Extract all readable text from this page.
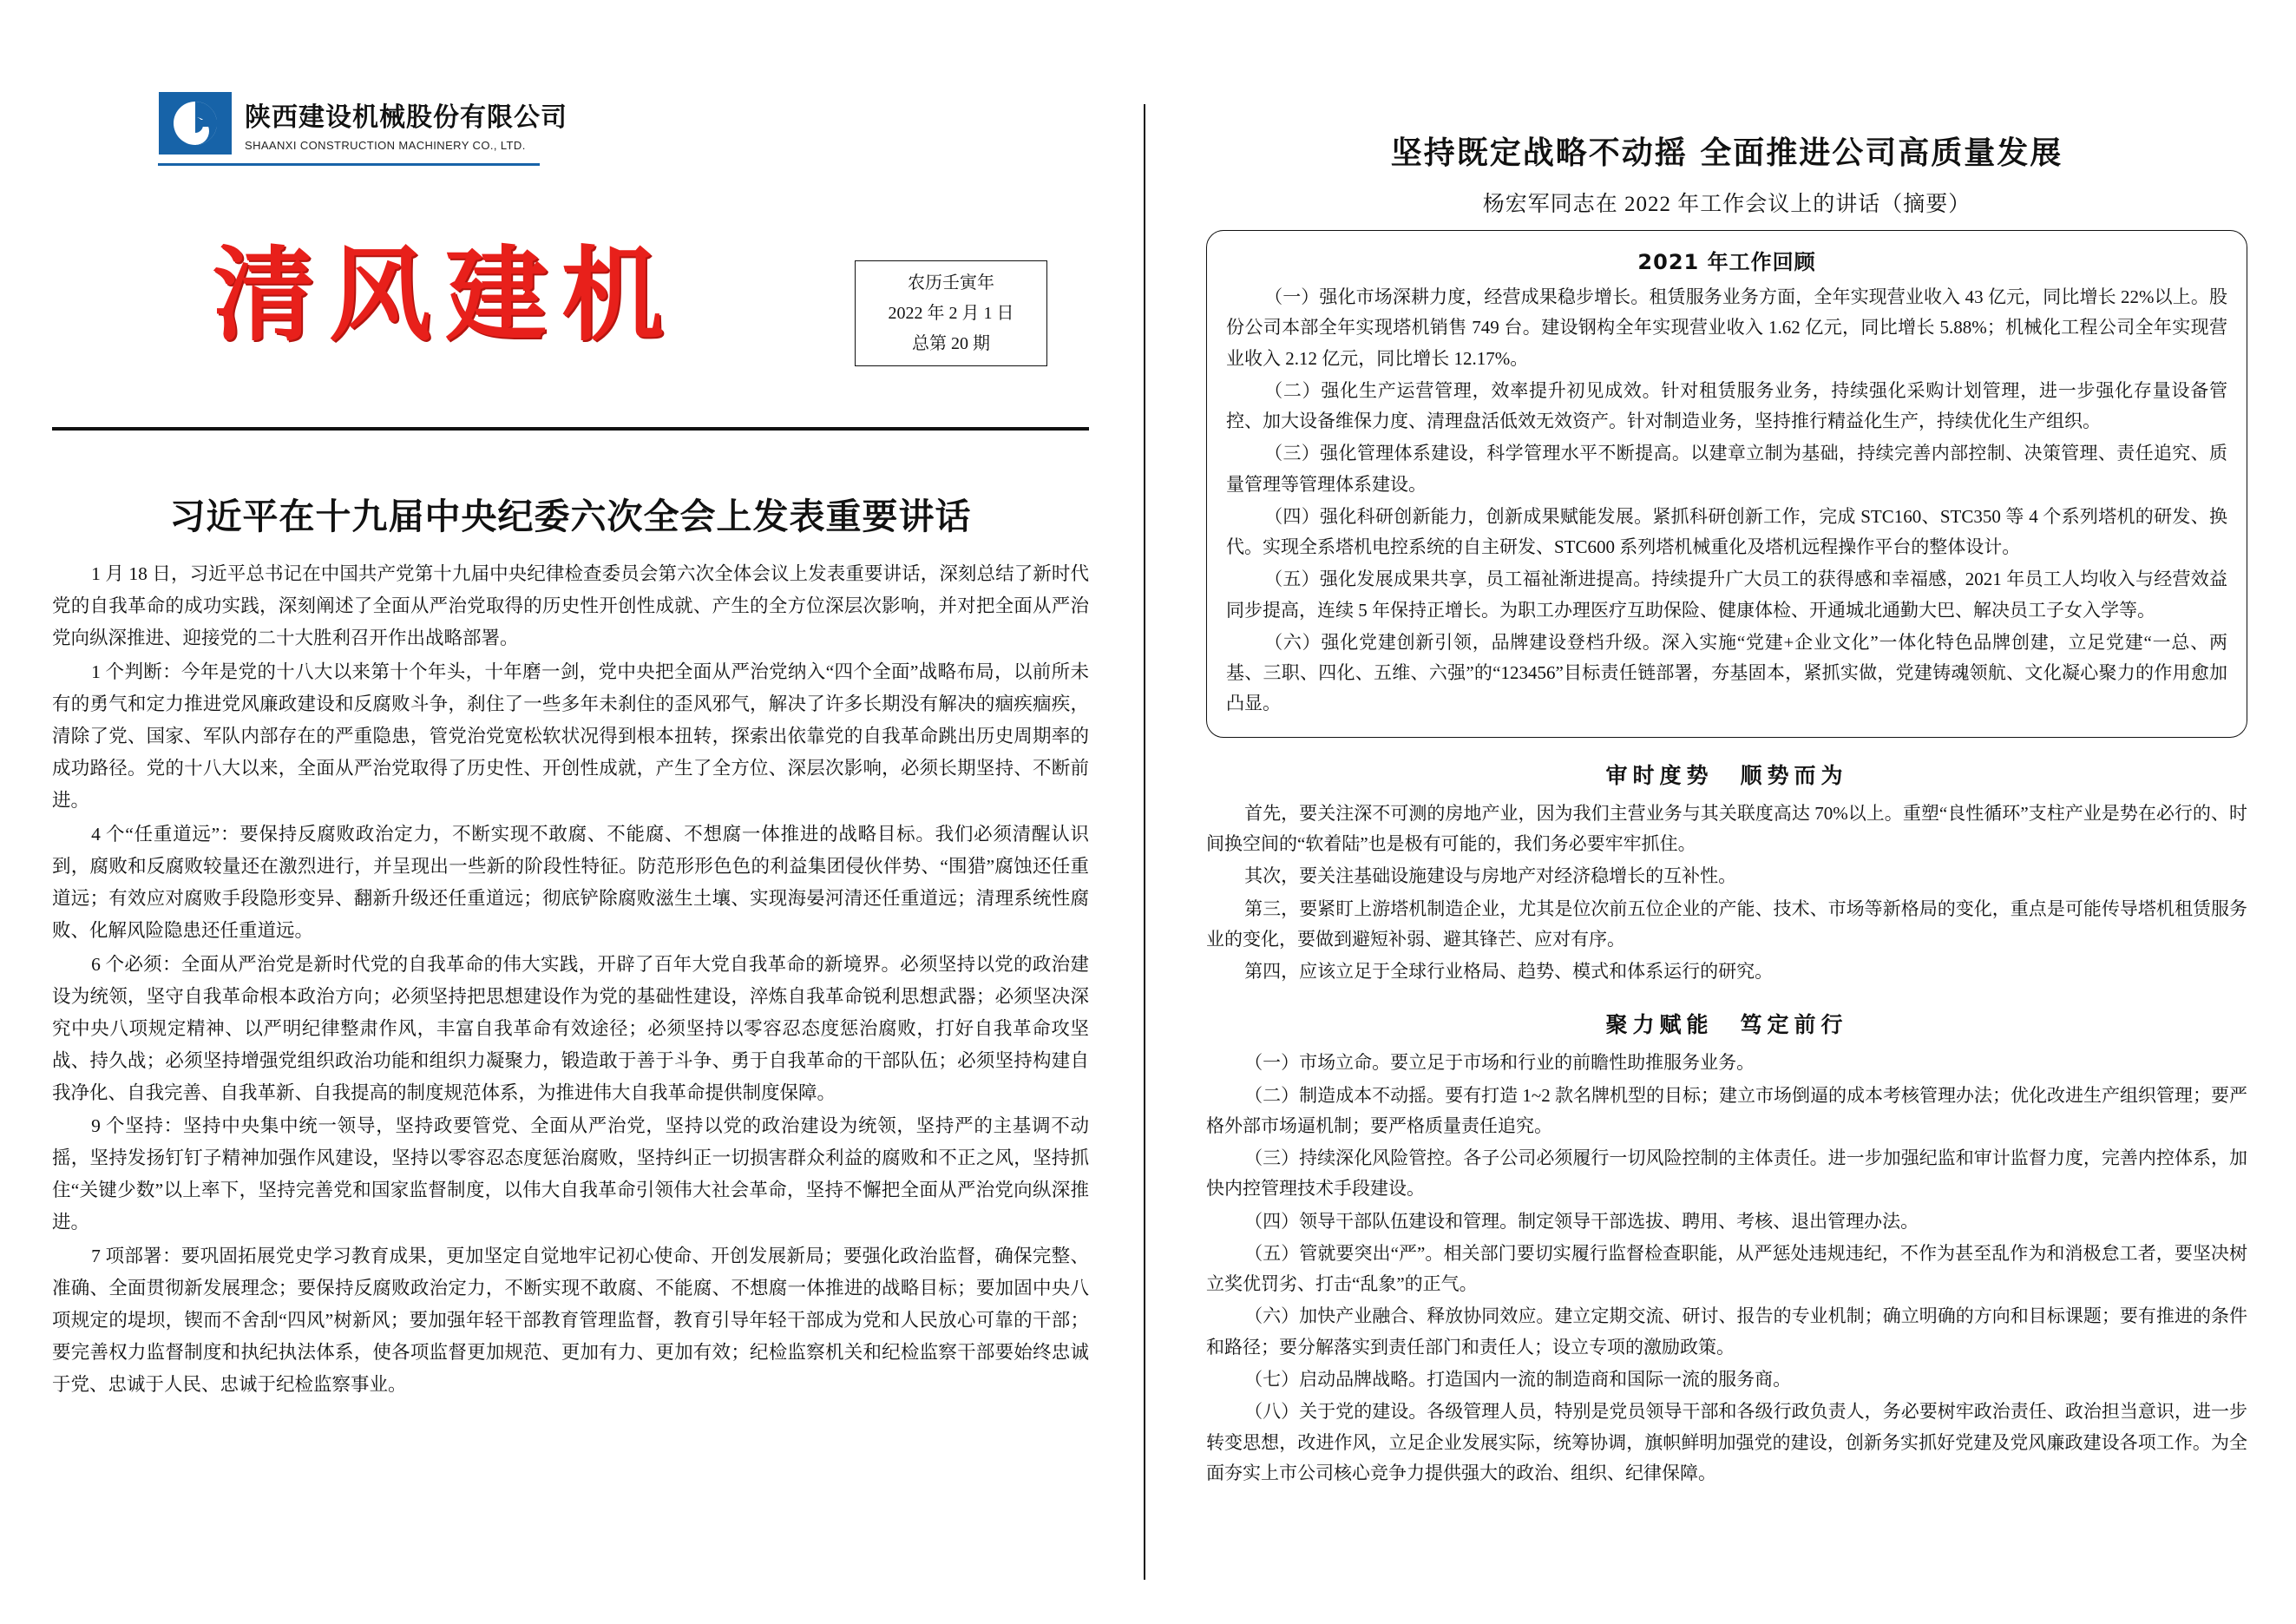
陕西建设机械股份有限公司
SHAANXI CONSTRUCTION MACHINERY CO., LTD.
清风建机	农历壬寅年
2022 年 2 月 1 日
总第 20 期
习近平在十九届中央纪委六次全会上发表重要讲话

1 月 18 日，习近平总书记在中国共产党第十九届中央纪律检查委员会第六次全体会议上发表重要讲话，深刻总结了新时代党的自我革命的成功实践，深刻阐述了全面从严治党取得的历史性开创性成就、产生的全方位深层次影响，并对把全面从严治党向纵深推进、迎接党的二十大胜利召开作出战略部署。

1 个判断：今年是党的十八大以来第十个年头，十年磨一剑，党中央把全面从严治党纳入“四个全面”战略布局，以前所未有的勇气和定力推进党风廉政建设和反腐败斗争，刹住了一些多年未刹住的歪风邪气，解决了许多长期没有解决的痼疾痼疾，清除了党、国家、军队内部存在的严重隐患，管党治党宽松软状况得到根本扭转，探索出依靠党的自我革命跳出历史周期率的成功路径。党的十八大以来，全面从严治党取得了历史性、开创性成就，产生了全方位、深层次影响，必须长期坚持、不断前进。

4 个“任重道远”：要保持反腐败政治定力，不断实现不敢腐、不能腐、不想腐一体推进的战略目标。我们必须清醒认识到，腐败和反腐败较量还在激烈进行，并呈现出一些新的阶段性特征。防范形形色色的利益集团侵伙伴势、“围猎”腐蚀还任重道远；有效应对腐败手段隐形变异、翻新升级还任重道远；彻底铲除腐败滋生土壤、实现海晏河清还任重道远；清理系统性腐败、化解风险隐患还任重道远。

6 个必须：全面从严治党是新时代党的自我革命的伟大实践，开辟了百年大党自我革命的新境界。必须坚持以党的政治建设为统领，坚守自我革命根本政治方向；必须坚持把思想建设作为党的基础性建设，淬炼自我革命锐利思想武器；必须坚决深究中央八项规定精神、以严明纪律整肃作风，丰富自我革命有效途径；必须坚持以零容忍态度惩治腐败，打好自我革命攻坚战、持久战；必须坚持增强党组织政治功能和组织力凝聚力，锻造敢于善于斗争、勇于自我革命的干部队伍；必须坚持构建自我净化、自我完善、自我革新、自我提高的制度规范体系，为推进伟大自我革命提供制度保障。

9 个坚持：坚持中央集中统一领导，坚持政要管党、全面从严治党，坚持以党的政治建设为统领，坚持严的主基调不动摇，坚持发扬钉钉子精神加强作风建设，坚持以零容忍态度惩治腐败，坚持纠正一切损害群众利益的腐败和不正之风，坚持抓住“关键少数”以上率下，坚持完善党和国家监督制度，以伟大自我革命引领伟大社会革命，坚持不懈把全面从严治党向纵深推进。

7 项部署：要巩固拓展党史学习教育成果，更加坚定自觉地牢记初心使命、开创发展新局；要强化政治监督，确保完整、准确、全面贯彻新发展理念；要保持反腐败政治定力，不断实现不敢腐、不能腐、不想腐一体推进的战略目标；要加固中央八项规定的堤坝，锲而不舍刮“四风”树新风；要加强年轻干部教育管理监督，教育引导年轻干部成为党和人民放心可靠的干部；要完善权力监督制度和执纪执法体系，使各项监督更加规范、更加有力、更加有效；纪检监察机关和纪检监察干部要始终忠诚于党、忠诚于人民、忠诚于纪检监察事业。

坚持既定战略不动摇 全面推进公司高质量发展
杨宏军同志在 2022 年工作会议上的讲话（摘要）
2021 年工作回顾

（一）强化市场深耕力度，经营成果稳步增长。租赁服务业务方面，全年实现营业收入 43 亿元，同比增长 22%以上。股份公司本部全年实现塔机销售 749 台。建设钢构全年实现营业收入 1.62 亿元，同比增长 5.88%；机械化工程公司全年实现营业收入 2.12 亿元，同比增长 12.17%。

（二）强化生产运营管理，效率提升初见成效。针对租赁服务业务，持续强化采购计划管理，进一步强化存量设备管控、加大设备维保力度、清理盘活低效无效资产。针对制造业务，坚持推行精益化生产，持续优化生产组织。

（三）强化管理体系建设，科学管理水平不断提高。以建章立制为基础，持续完善内部控制、决策管理、责任追究、质量管理等管理体系建设。

（四）强化科研创新能力，创新成果赋能发展。紧抓科研创新工作，完成 STC160、STC350 等 4 个系列塔机的研发、换代。实现全系塔机电控系统的自主研发、STC600 系列塔机械重化及塔机远程操作平台的整体设计。

（五）强化发展成果共享，员工福祉渐进提高。持续提升广大员工的获得感和幸福感，2021 年员工人均收入与经营效益同步提高，连续 5 年保持正增长。为职工办理医疗互助保险、健康体检、开通城北通勤大巴、解决员工子女入学等。

（六）强化党建创新引领，品牌建设登档升级。深入实施“党建+企业文化”一体化特色品牌创建，立足党建“一总、两基、三职、四化、五维、六强”的“123456”目标责任链部署，夯基固本，紧抓实做，党建铸魂领航、文化凝心聚力的作用愈加凸显。

审时度势　顺势而为

首先，要关注深不可测的房地产业，因为我们主营业务与其关联度高达 70%以上。重塑“良性循环”支柱产业是势在必行的、时间换空间的“软着陆”也是极有可能的，我们务必要牢牢抓住。

其次，要关注基础设施建设与房地产对经济稳增长的互补性。

第三，要紧盯上游塔机制造企业，尤其是位次前五位企业的产能、技术、市场等新格局的变化，重点是可能传导塔机租赁服务业的变化，要做到避短补弱、避其锋芒、应对有序。

第四，应该立足于全球行业格局、趋势、模式和体系运行的研究。

聚力赋能　笃定前行

（一）市场立命。要立足于市场和行业的前瞻性助推服务业务。

（二）制造成本不动摇。要有打造 1~2 款名牌机型的目标；建立市场倒逼的成本考核管理办法；优化改进生产组织管理；要严格外部市场逼机制；要严格质量责任追究。

（三）持续深化风险管控。各子公司必须履行一切风险控制的主体责任。进一步加强纪监和审计监督力度，完善内控体系，加快内控管理技术手段建设。

（四）领导干部队伍建设和管理。制定领导干部选拔、聘用、考核、退出管理办法。

（五）管就要突出“严”。相关部门要切实履行监督检查职能，从严惩处违规违纪，不作为甚至乱作为和消极怠工者，要坚决树立奖优罚劣、打击“乱象”的正气。

（六）加快产业融合、释放协同效应。建立定期交流、研讨、报告的专业机制；确立明确的方向和目标课题；要有推进的条件和路径；要分解落实到责任部门和责任人；设立专项的激励政策。

（七）启动品牌战略。打造国内一流的制造商和国际一流的服务商。

（八）关于党的建设。各级管理人员，特别是党员领导干部和各级行政负责人，务必要树牢政治责任、政治担当意识，进一步转变思想，改进作风，立足企业发展实际，统筹协调，旗帜鲜明加强党的建设，创新务实抓好党建及党风廉政建设各项工作。为全面夯实上市公司核心竞争力提供强大的政治、组织、纪律保障。
